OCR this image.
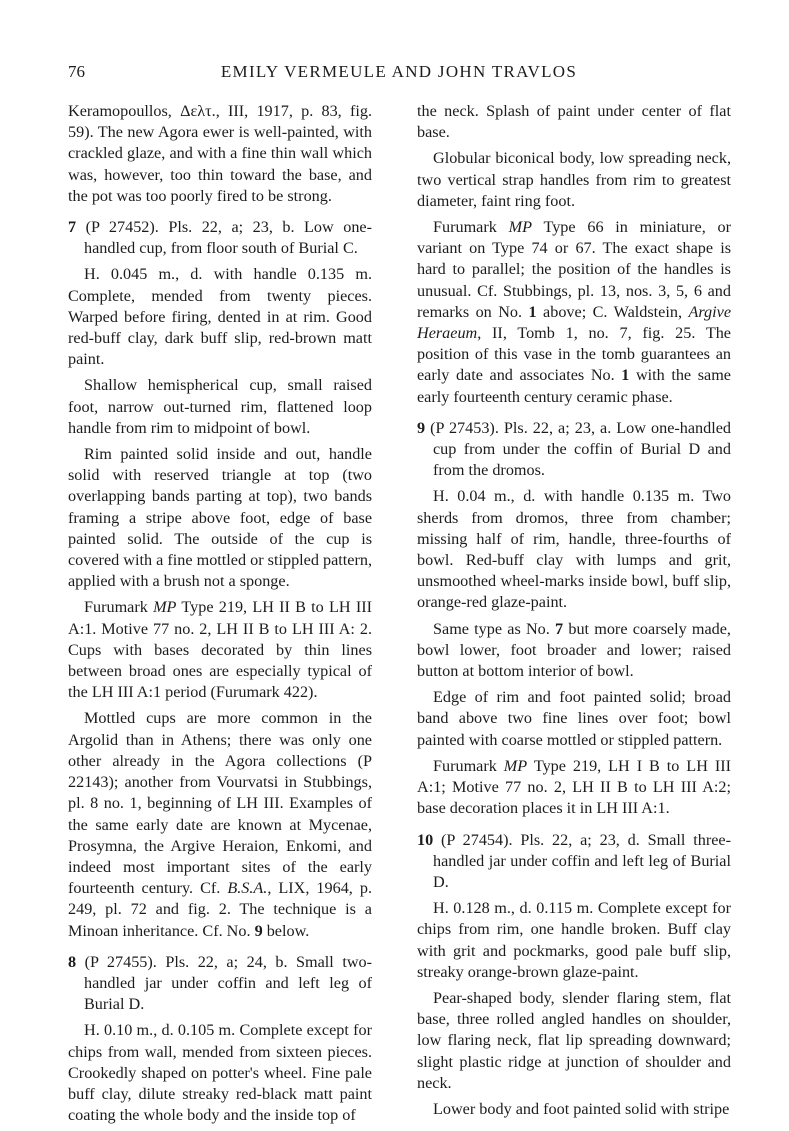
76	EMILY VERMEULE AND JOHN TRAVLOS

Keramopoullos, Δελτ., III, 1917, p. 83, fig. 59). The new Agora ewer is well-painted, with crackled glaze, and with a fine thin wall which was, however, too thin toward the base, and the pot was too poorly fired to be strong.

7 (P 27452). Pls. 22, a; 23, b. Low one-handled cup, from floor south of Burial C.

H. 0.045 m., d. with handle 0.135 m. Complete, mended from twenty pieces. Warped before firing, dented in at rim. Good red-buff clay, dark buff slip, red-brown matt paint.

Shallow hemispherical cup, small raised foot, narrow out-turned rim, flattened loop handle from rim to midpoint of bowl.

Rim painted solid inside and out, handle solid with reserved triangle at top (two overlapping bands parting at top), two bands framing a stripe above foot, edge of base painted solid. The outside of the cup is covered with a fine mottled or stippled pattern, applied with a brush not a sponge.

Furumark MP Type 219, LH II B to LH III A:1. Motive 77 no. 2, LH II B to LH III A: 2. Cups with bases decorated by thin lines between broad ones are especially typical of the LH III A:1 period (Furumark 422).

Mottled cups are more common in the Argolid than in Athens; there was only one other already in the Agora collections (P 22143); another from Vourvatsi in Stubbings, pl. 8 no. 1, beginning of LH III. Examples of the same early date are known at Mycenae, Prosymna, the Argive Heraion, Enkomi, and indeed most important sites of the early fourteenth century. Cf. B.S.A., LIX, 1964, p. 249, pl. 72 and fig. 2. The technique is a Minoan inheritance. Cf. No. 9 below.

8 (P 27455). Pls. 22, a; 24, b. Small two-handled jar under coffin and left leg of Burial D.

H. 0.10 m., d. 0.105 m. Complete except for chips from wall, mended from sixteen pieces. Crookedly shaped on potter's wheel. Fine pale buff clay, dilute streaky red-black matt paint coating the whole body and the inside top of

the neck. Splash of paint under center of flat base.

Globular biconical body, low spreading neck, two vertical strap handles from rim to greatest diameter, faint ring foot.

Furumark MP Type 66 in miniature, or variant on Type 74 or 67. The exact shape is hard to parallel; the position of the handles is unusual. Cf. Stubbings, pl. 13, nos. 3, 5, 6 and remarks on No. 1 above; C. Waldstein, Argive Heraeum, II, Tomb 1, no. 7, fig. 25. The position of this vase in the tomb guarantees an early date and associates No. 1 with the same early fourteenth century ceramic phase.

9 (P 27453). Pls. 22, a; 23, a. Low one-handled cup from under the coffin of Burial D and from the dromos.

H. 0.04 m., d. with handle 0.135 m. Two sherds from dromos, three from chamber; missing half of rim, handle, three-fourths of bowl. Red-buff clay with lumps and grit, unsmoothed wheel-marks inside bowl, buff slip, orange-red glaze-paint.

Same type as No. 7 but more coarsely made, bowl lower, foot broader and lower; raised button at bottom interior of bowl.

Edge of rim and foot painted solid; broad band above two fine lines over foot; bowl painted with coarse mottled or stippled pattern.

Furumark MP Type 219, LH I B to LH III A:1; Motive 77 no. 2, LH II B to LH III A:2; base decoration places it in LH III A:1.

10 (P 27454). Pls. 22, a; 23, d. Small three-handled jar under coffin and left leg of Burial D.

H. 0.128 m., d. 0.115 m. Complete except for chips from rim, one handle broken. Buff clay with grit and pockmarks, good pale buff slip, streaky orange-brown glaze-paint.

Pear-shaped body, slender flaring stem, flat base, three rolled angled handles on shoulder, low flaring neck, flat lip spreading downward; slight plastic ridge at junction of shoulder and neck.

Lower body and foot painted solid with stripe
